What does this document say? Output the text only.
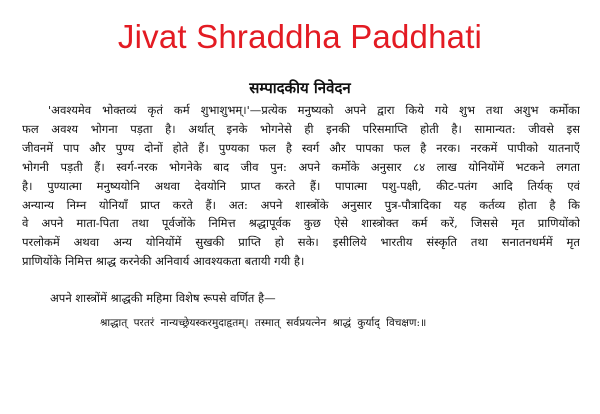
Jivat Shraddha Paddhati
सम्पादकीय निवेदन
'अवश्यमेव भोक्तव्यं कृतं कर्म शुभाशुभम्।'—प्रत्येक मनुष्यको अपने द्वारा किये गये शुभ तथा अशुभ कर्मोका
फल अवश्य भोगना पड़ता है। अर्थात् इनके भोगनेसे ही इनकी परिसमाप्ति होती है। सामान्यत: जीवसे इस
जीवनमें पाप और पुण्य दोनों होते हैं। पुण्यका फल है स्वर्ग और पापका फल है नरक। नरकमें पापीको यातनाएँ
भोगनी पड़ती हैं। स्वर्ग-नरक भोगनेके बाद जीव पुन: अपने कर्मोके अनुसार ८४ लाख योनियोंमें भटकने लगता
है। पुण्यात्मा मनुष्ययोनि अथवा देवयोनि प्राप्त करते हैं। पापात्मा पशु-पक्षी, कीट-पतंग आदि तिर्यक् एवं
अन्यान्य निम्न योनियाँ प्राप्त करते हैं। अत: अपने शास्त्रोंके अनुसार पुत्र-पौत्रादिका यह कर्तव्य होता है कि
वे अपने माता-पिता तथा पूर्वजोंके निमित्त श्रद्धापूर्वक कुछ ऐसे शास्त्रोक्त कर्म करें, जिससे मृत प्राणियोंको
परलोकमें अथवा अन्य योनियोंमें सुखकी प्राप्ति हो सके। इसीलिये भारतीय संस्कृति तथा सनातनधर्ममें मृत
प्राणियोंके निमित्त श्राद्ध करनेकी अनिवार्य आवश्यकता बतायी गयी है।
अपने शास्त्रोंमें श्राद्धकी महिमा विशेष रूपसे वर्णित है—
श्राद्धात् परतरं नान्यच्छ्रेयस्करमुदाहृतम्। तस्मात् सर्वप्रयत्नेन श्राद्धं कुर्याद् विचक्षण:॥
